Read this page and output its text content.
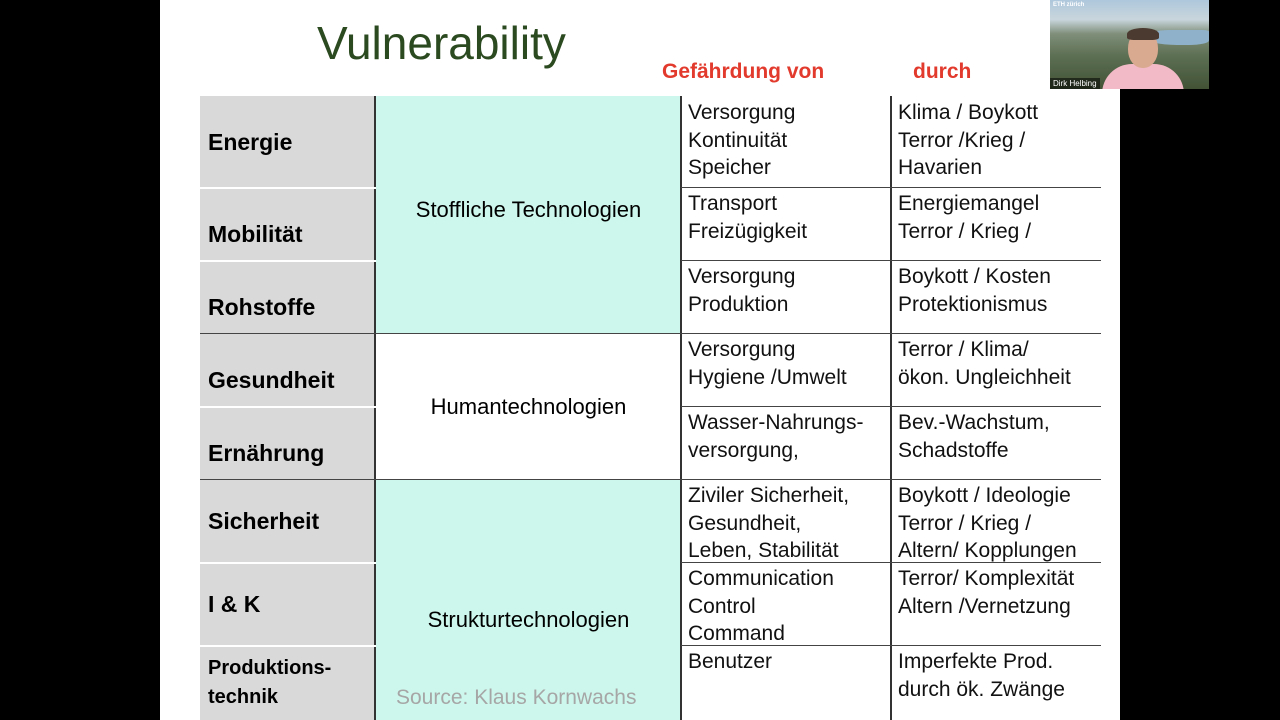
Vulnerability
Gefährdung von	durch
Energie
Mobilität
Rohstoffe
Gesundheit
Ernährung
Sicherheit
I & K
Produktions-
technik
Stoffliche Technologien
Humantechnologien
Strukturtechnologien
Versorgung
Kontinuität
Speicher
Transport
Freizügigkeit
Versorgung
Produktion
Versorgung
Hygiene /Umwelt
Wasser-Nahrungs-
versorgung,
Ziviler Sicherheit,
Gesundheit,
Leben, Stabilität
Communication
Control
Command
Benutzer
Klima / Boykott
Terror /Krieg /
Havarien
Energiemangel
Terror / Krieg /
Boykott / Kosten
Protektionismus
Terror / Klima/
ökon. Ungleichheit
Bev.-Wachstum,
Schadstoffe
Boykott / Ideologie
Terror / Krieg /
Altern/ Kopplungen
Terror/ Komplexität
Altern /Vernetzung
Imperfekte Prod.
durch ök. Zwänge
Source: Klaus Kornwachs
ETH zürich
Dirk Helbing
